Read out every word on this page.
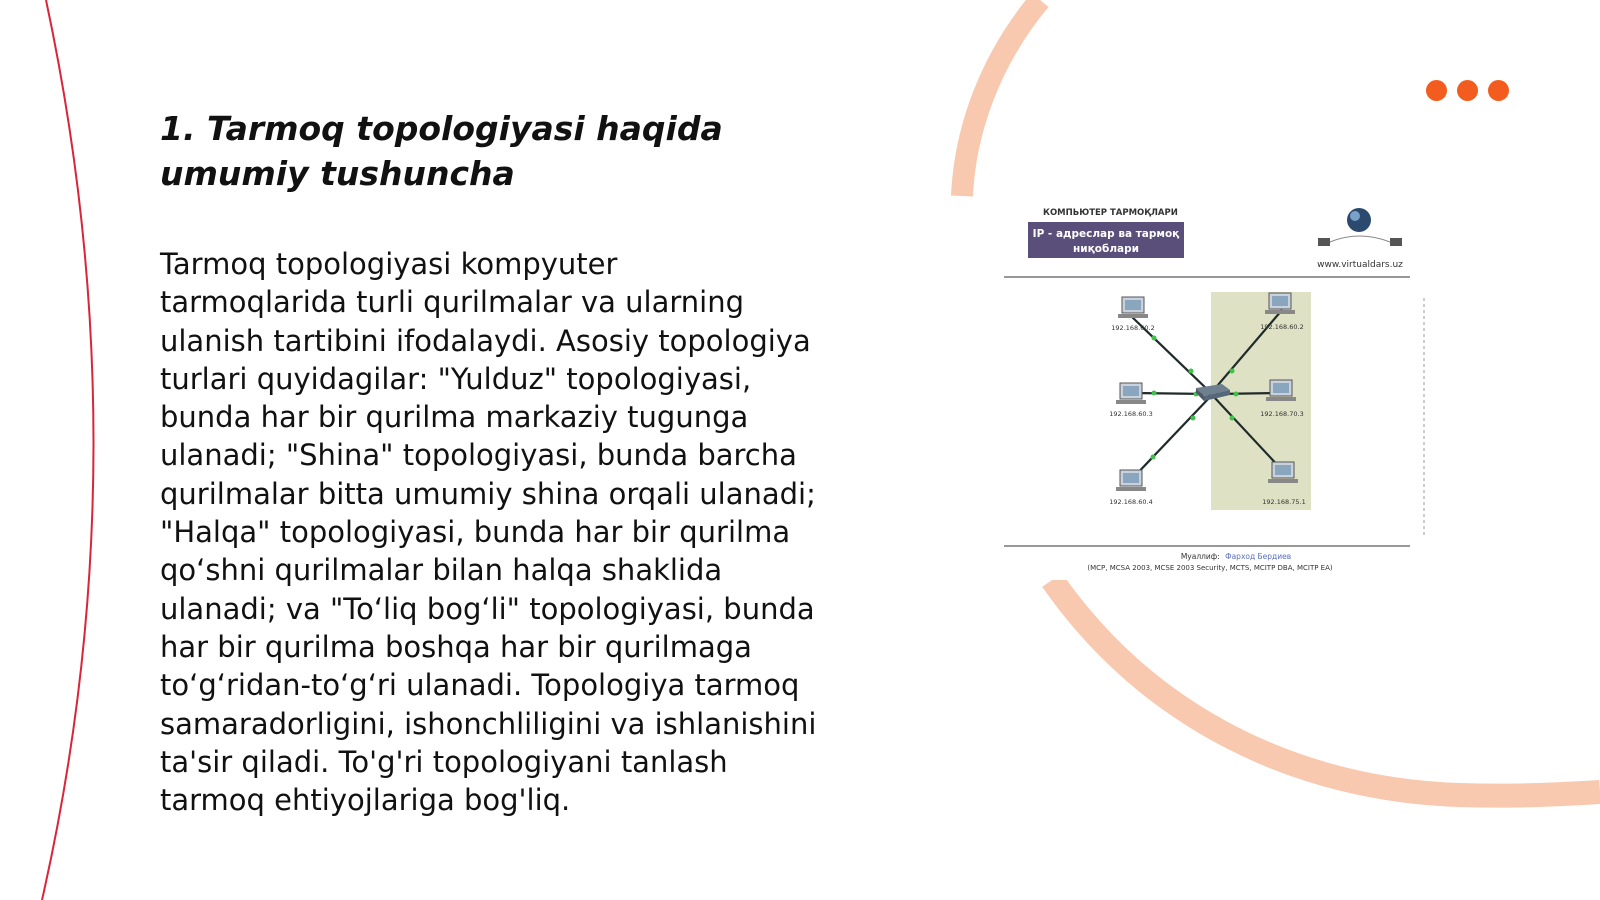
1. Tarmoq topologiyasi haqida
umumiy tushuncha

Tarmoq topologiyasi kompyuter
tarmoqlarida turli qurilmalar va ularning
ulanish tartibini ifodalaydi. Asosiy topologiya
turlari quyidagilar: "Yulduz" topologiyasi,
bunda har bir qurilma markaziy tugunga
ulanadi; "Shina" topologiyasi, bunda barcha
qurilmalar bitta umumiy shina orqali ulanadi;
"Halqa" topologiyasi, bunda har bir qurilma
qo‘shni qurilmalar bilan halqa shaklida
ulanadi; va "To‘liq bog‘li" topologiyasi, bunda
har bir qurilma boshqa har bir qurilmaga
to‘g‘ridan-to‘g‘ri ulanadi. Topologiya tarmoq
samaradorligini, ishonchliligini va ishlanishini
ta'sir qiladi. To'g'ri topologiyani tanlash
tarmoq ehtiyojlariga bog'liq.

КОМПЬЮТЕР ТАРМОҚЛАРИ
IP - адреслар ва тармоқ
ниқоблари
www.virtualdars.uz
192.168.60.2
192.168.60.3
192.168.60.4
192.168.60.2
192.168.70.3
192.168.75.1
Муаллиф: Фарход Бердиев
(MCP, MCSA 2003, MCSE 2003 Security, MCTS, MCITP DBA, MCITP EA)
